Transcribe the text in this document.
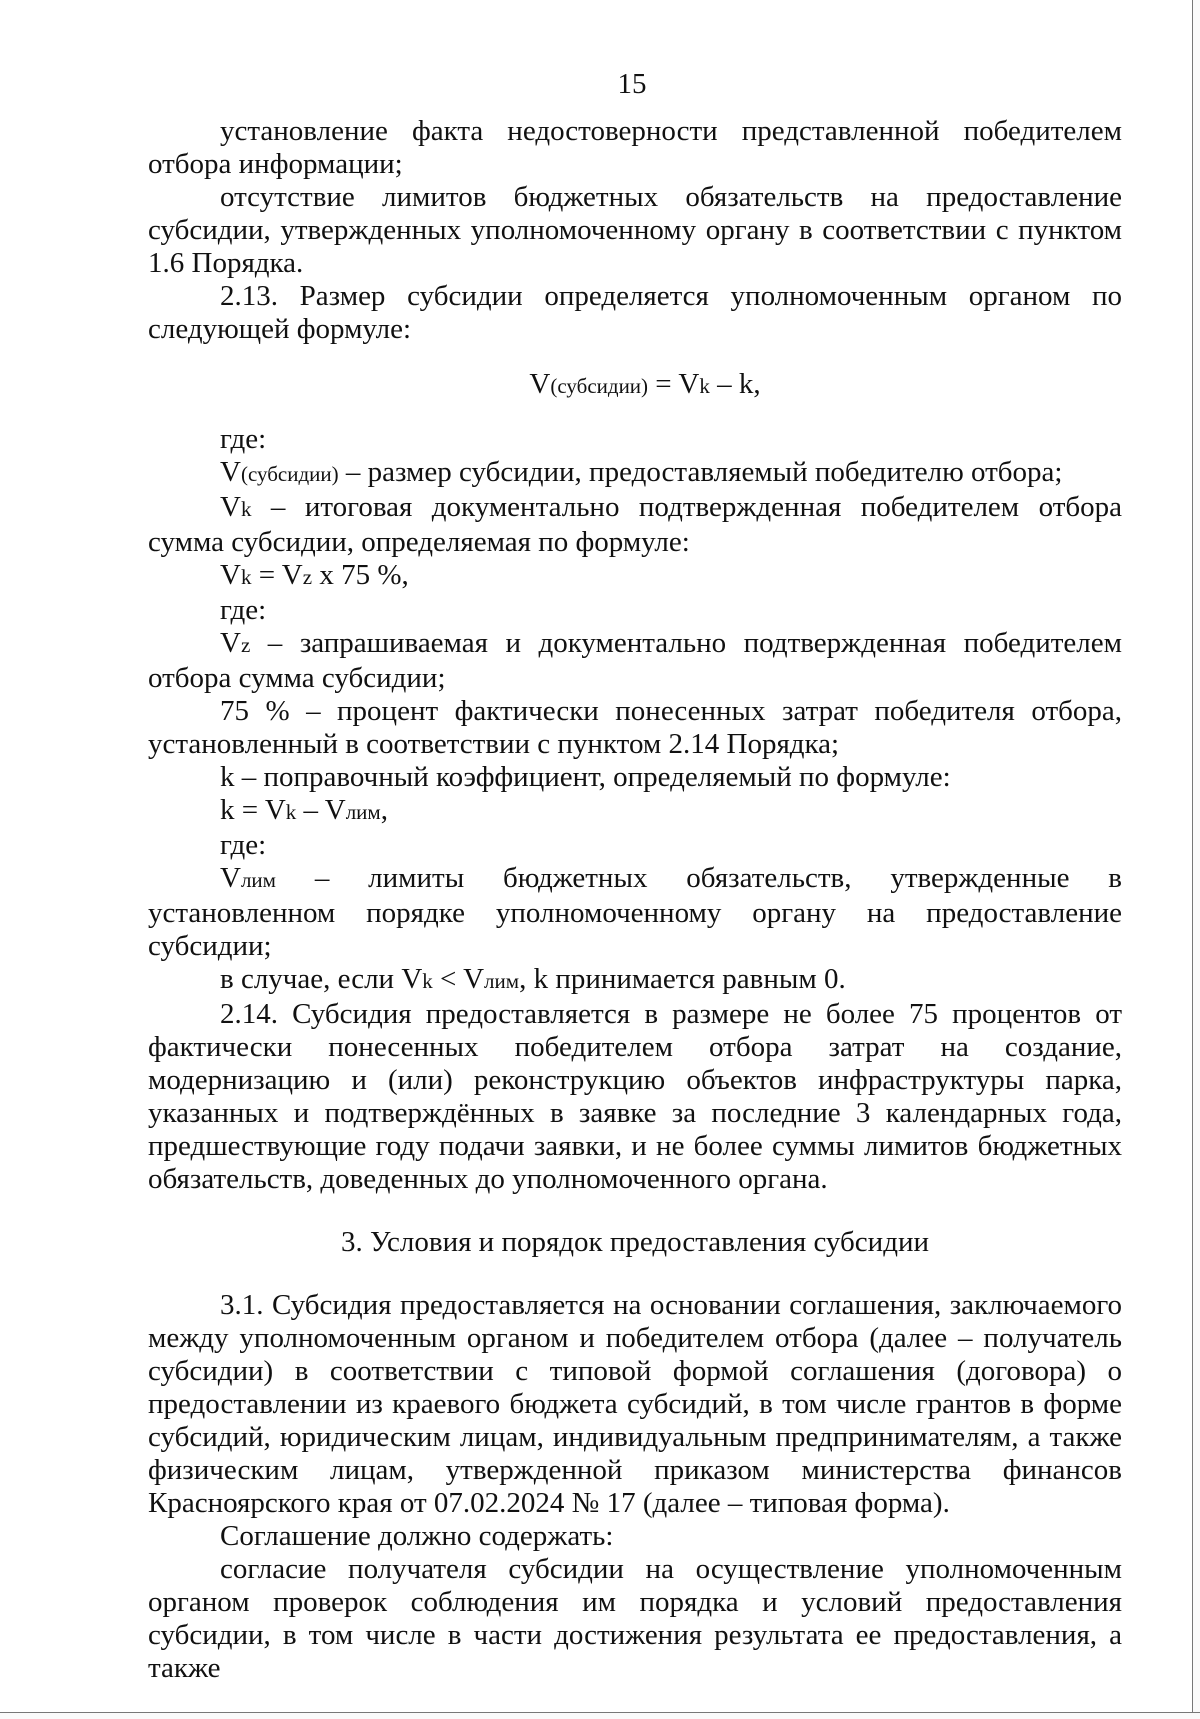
15

установление факта недостоверности представленной победителем отбора информации;

отсутствие лимитов бюджетных обязательств на предоставление субсидии, утвержденных уполномоченному органу в соответствии с пунктом 1.6 Порядка.

2.13. Размер субсидии определяется уполномоченным органом по следующей формуле:

V(субсидии) = Vk – k,

где:

V(субсидии) – размер субсидии, предоставляемый победителю отбора;

Vk – итоговая документально подтвержденная победителем отбора сумма субсидии, определяемая по формуле:

Vk = Vz x 75 %,

где:

Vz – запрашиваемая и документально подтвержденная победителем отбора сумма субсидии;

75 % – процент фактически понесенных затрат победителя отбора, установленный в соответствии с пунктом 2.14 Порядка;

k – поправочный коэффициент, определяемый по формуле:

k = Vk – Vлим,

где:

Vлим – лимиты бюджетных обязательств, утвержденные в установленном порядке уполномоченному органу на предоставление субсидии;

в случае, если Vk < Vлим, k принимается равным 0.

2.14. Субсидия предоставляется в размере не более 75 процентов от фактически понесенных победителем отбора затрат на создание, модернизацию и (или) реконструкцию объектов инфраструктуры парка, указанных и подтверждённых в заявке за последние 3 календарных года, предшествующие году подачи заявки, и не более суммы лимитов бюджетных обязательств, доведенных до уполномоченного органа.

3. Условия и порядок предоставления субсидии

3.1. Субсидия предоставляется на основании соглашения, заключаемого между уполномоченным органом и победителем отбора (далее – получатель субсидии) в соответствии с типовой формой соглашения (договора) о предоставлении из краевого бюджета субсидий, в том числе грантов в форме субсидий, юридическим лицам, индивидуальным предпринимателям, а также физическим лицам, утвержденной приказом министерства финансов Красноярского края от 07.02.2024 № 17 (далее – типовая форма).

Соглашение должно содержать:

согласие получателя субсидии на осуществление уполномоченным органом проверок соблюдения им порядка и условий предоставления субсидии, в том числе в части достижения результата ее предоставления, а также
